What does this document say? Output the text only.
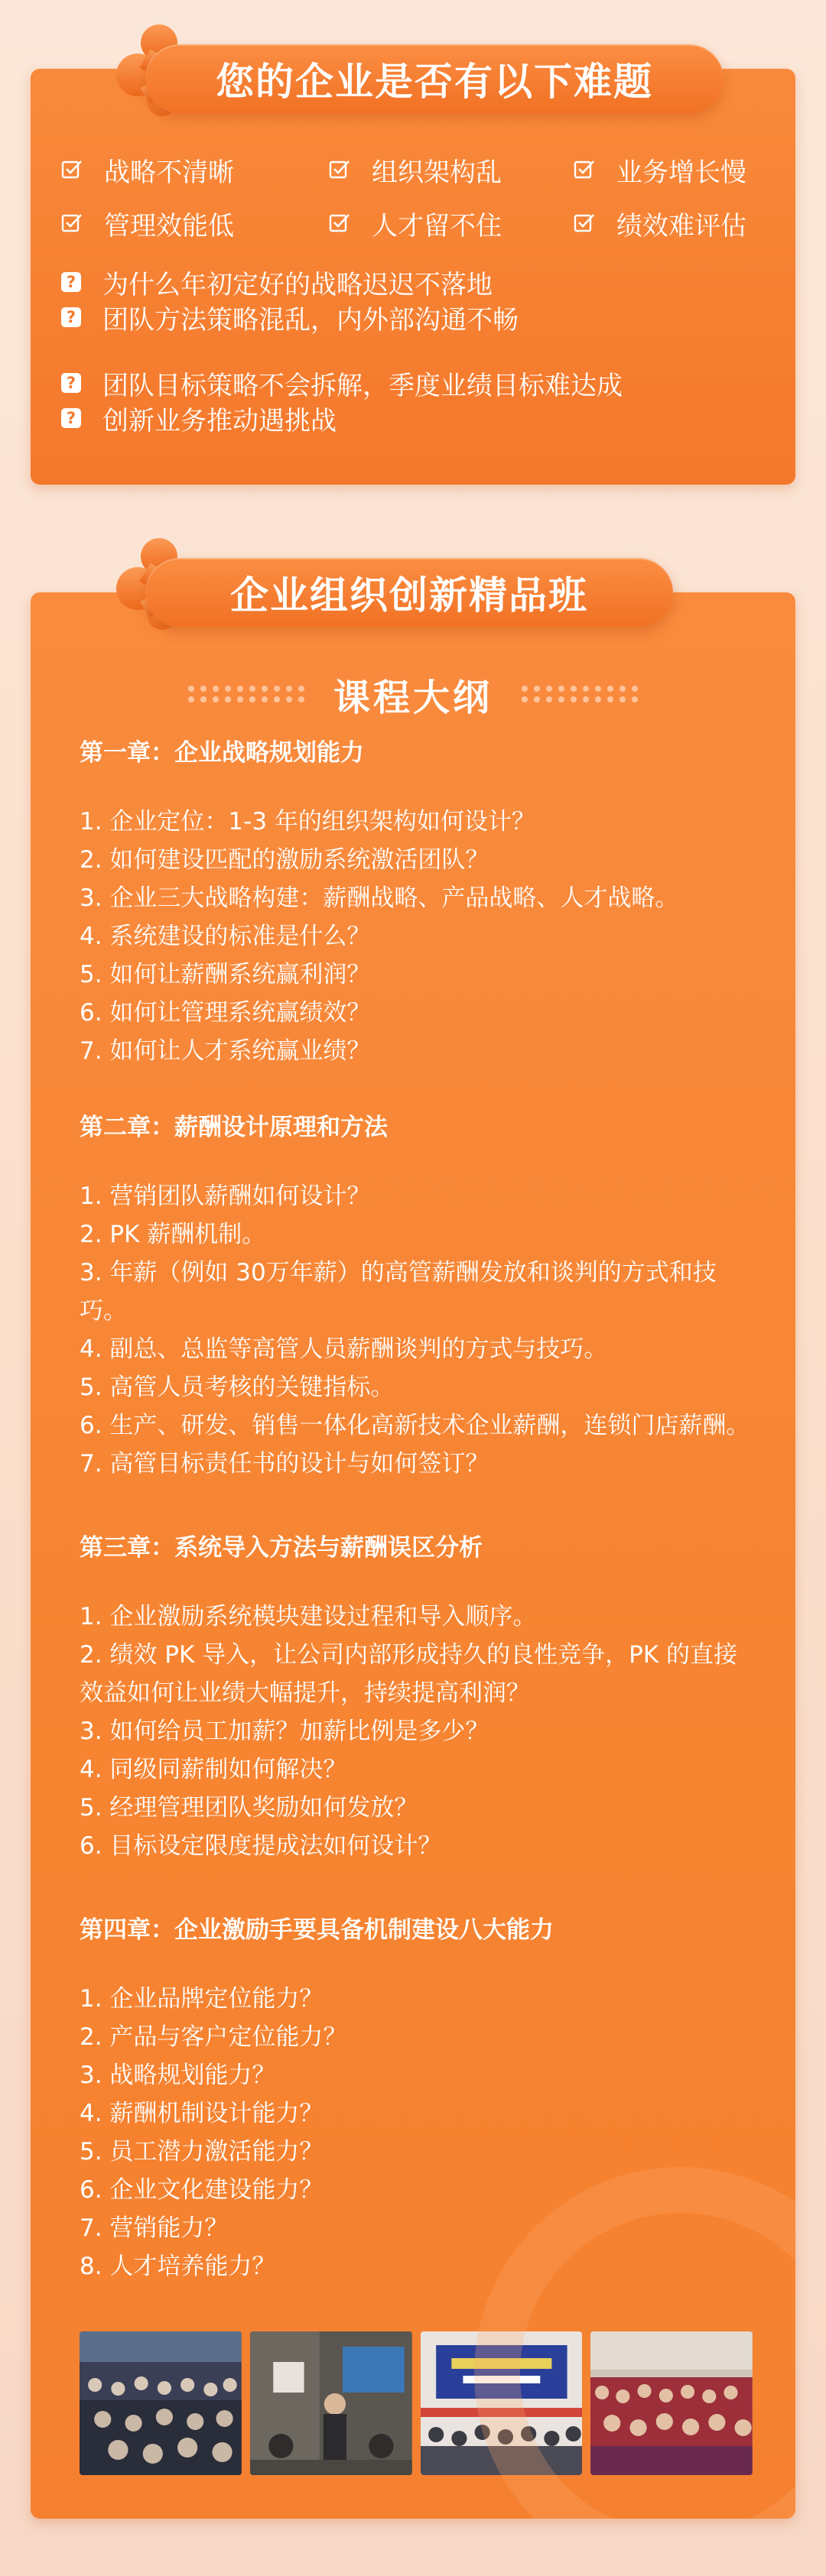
您的企业是否有以下难题
战略不清晰	组织架构乱	业务增长慢
管理效能低	人才留不住	绩效难评估
? 为什么年初定好的战略迟迟不落地
? 团队方法策略混乱，内外部沟通不畅
? 团队目标策略不会拆解，季度业绩目标难达成
? 创新业务推动遇挑战
课程大纲

第一章：企业战略规划能力

1. 企业定位：1-3 年的组织架构如何设计？

2. 如何建设匹配的激励系统激活团队？

3. 企业三大战略构建：薪酬战略、产品战略、人才战略。

4. 系统建设的标准是什么？

5. 如何让薪酬系统赢利润？

6. 如何让管理系统赢绩效？

7. 如何让人才系统赢业绩？

第二章：薪酬设计原理和方法

1. 营销团队薪酬如何设计？

2. PK 薪酬机制。

3. 年薪（例如 30万年薪）的高管薪酬发放和谈判的方式和技巧。

4. 副总、总监等高管人员薪酬谈判的方式与技巧。

5. 高管人员考核的关键指标。

6. 生产、研发、销售一体化高新技术企业薪酬，连锁门店薪酬。

7. 高管目标责任书的设计与如何签订？

第三章：系统导入方法与薪酬误区分析

1. 企业激励系统模块建设过程和导入顺序。

2. 绩效 PK 导入，让公司内部形成持久的良性竞争，PK 的直接效益如何让业绩大幅提升，持续提高利润？

3. 如何给员工加薪？加薪比例是多少？

4. 同级同薪制如何解决？

5. 经理管理团队奖励如何发放？

6. 目标设定限度提成法如何设计？

第四章：企业激励手要具备机制建设八大能力

1. 企业品牌定位能力？

2. 产品与客户定位能力？

3. 战略规划能力？

4. 薪酬机制设计能力？

5. 员工潜力激活能力？

6. 企业文化建设能力？

7. 营销能力？

8. 人才培养能力？

企业组织创新精品班
